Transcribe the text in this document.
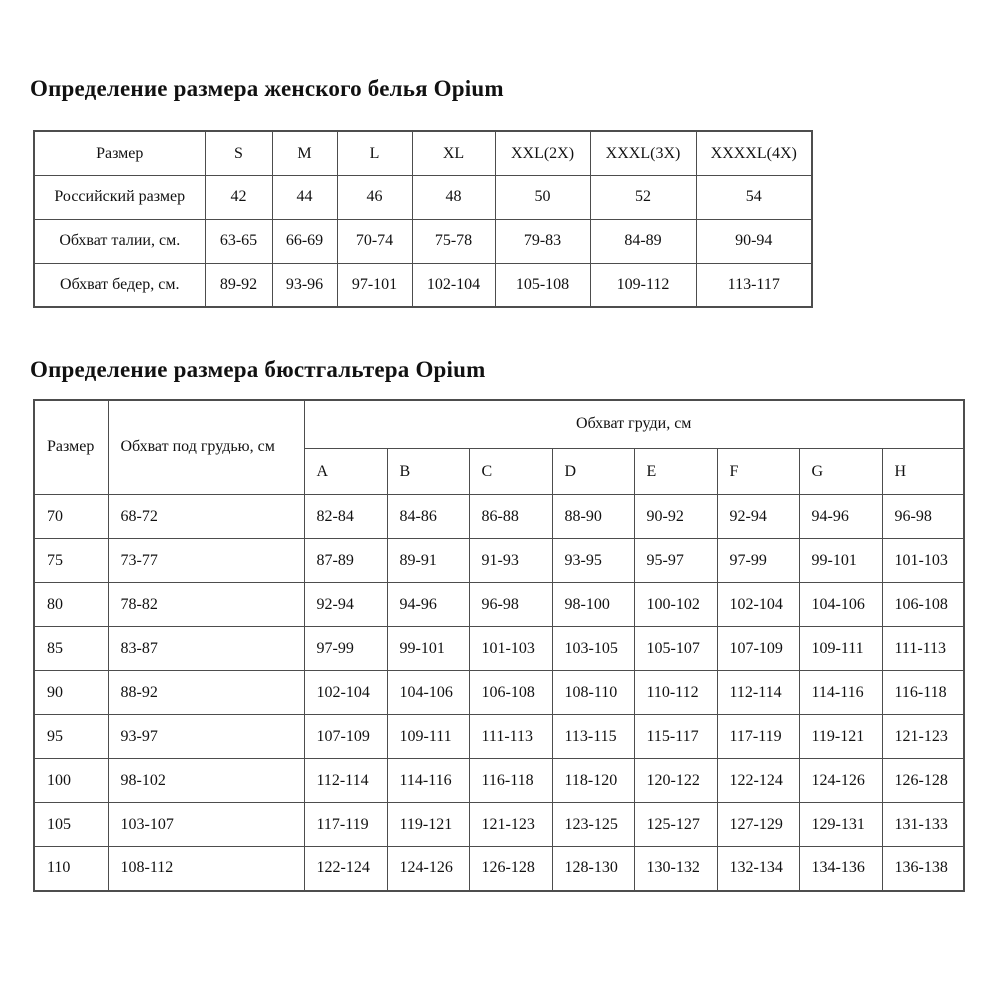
Определение размера женского белья Opium
Размер	S	M	L	XL	XXL(2X)	XXXL(3X)	XXXXL(4X)
Российский размер	42	44	46	48	50	52	54
Обхват талии, см.	63-65	66-69	70-74	75-78	79-83	84-89	90-94
Обхват бедер, см.	89-92	93-96	97-101	102-104	105-108	109-112	113-117
Определение размера бюстгальтера Opium
Размер	Обхват под грудью, см	Обхват груди, см							
		A	B	C	D	E	F	G	H
70	68-72	82-84	84-86	86-88	88-90	90-92	92-94	94-96	96-98
75	73-77	87-89	89-91	91-93	93-95	95-97	97-99	99-101	101-103
80	78-82	92-94	94-96	96-98	98-100	100-102	102-104	104-106	106-108
85	83-87	97-99	99-101	101-103	103-105	105-107	107-109	109-111	111-113
90	88-92	102-104	104-106	106-108	108-110	110-112	112-114	114-116	116-118
95	93-97	107-109	109-111	111-113	113-115	115-117	117-119	119-121	121-123
100	98-102	112-114	114-116	116-118	118-120	120-122	122-124	124-126	126-128
105	103-107	117-119	119-121	121-123	123-125	125-127	127-129	129-131	131-133
110	108-112	122-124	124-126	126-128	128-130	130-132	132-134	134-136	136-138
